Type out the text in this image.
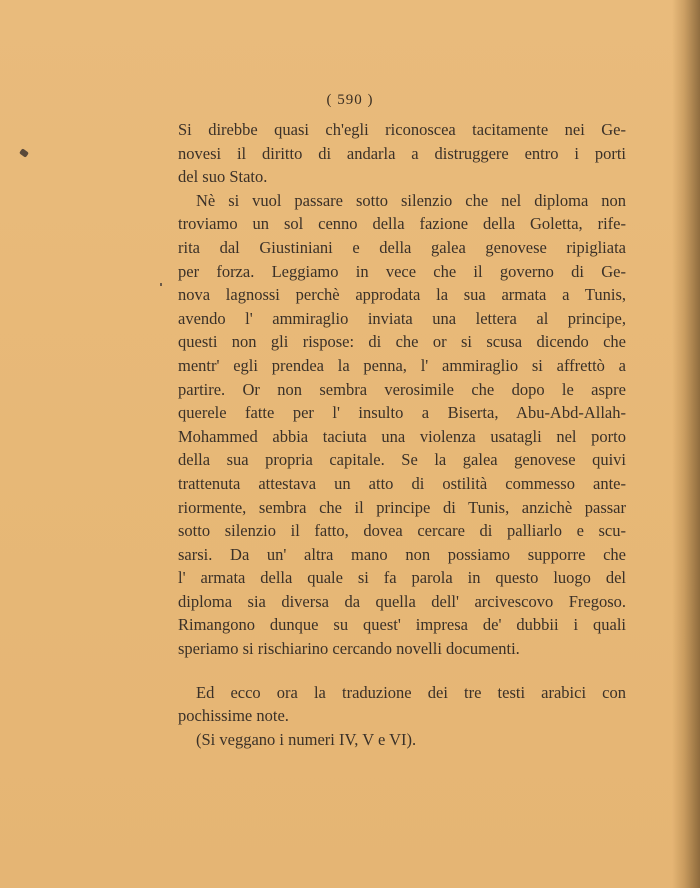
( 590 )
Si direbbe quasi ch'egli riconoscea tacitamente nei Ge-
novesi il diritto di andarla a distruggere entro i porti
del suo Stato.
Nè si vuol passare sotto silenzio che nel diploma non
troviamo un sol cenno della fazione della Goletta, rife-
rita dal Giustiniani e della galea genovese ripigliata
per forza. Leggiamo in vece che il governo di Ge-
nova lagnossi perchè approdata la sua armata a Tunis,
avendo l' ammiraglio inviata una lettera al principe,
questi non gli rispose: di che or si scusa dicendo che
mentr' egli prendea la penna, l' ammiraglio si affrettò a
partire. Or non sembra verosimile che dopo le aspre
querele fatte per l' insulto a Biserta, Abu-Abd-Allah-
Mohammed abbia taciuta una violenza usatagli nel porto
della sua propria capitale. Se la galea genovese quivi
trattenuta attestava un atto di ostilità commesso ante-
riormente, sembra che il principe di Tunis, anzichè passar
sotto silenzio il fatto, dovea cercare di palliarlo e scu-
sarsi. Da un' altra mano non possiamo supporre che
l' armata della quale si fa parola in questo luogo del
diploma sia diversa da quella dell' arcivescovo Fregoso.
Rimangono dunque su quest' impresa de' dubbii i quali
speriamo si rischiarino cercando novelli documenti.
Ed ecco ora la traduzione dei tre testi arabici con
pochissime note.
(Si veggano i numeri IV, V e VI).
